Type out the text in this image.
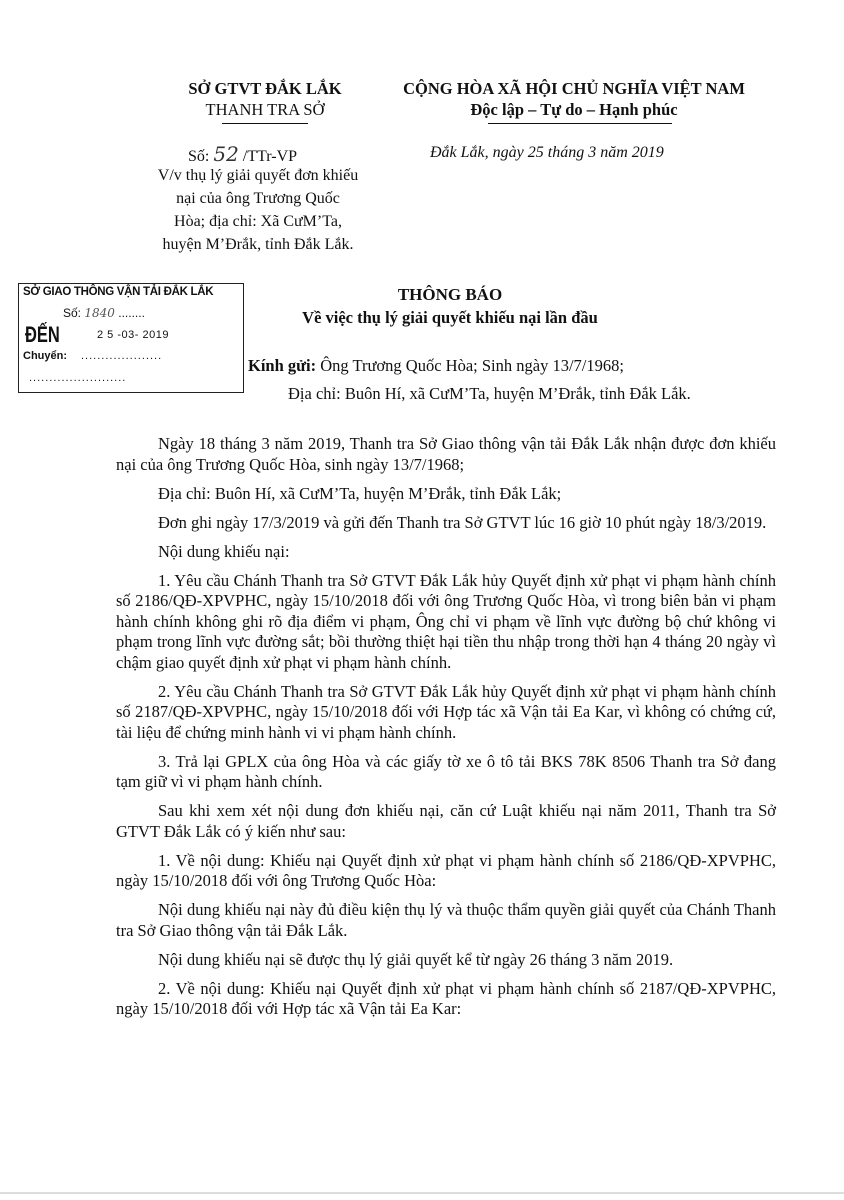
SỞ GTVT ĐẮK LẮK
THANH TRA SỞ
CỘNG HÒA XÃ HỘI CHỦ NGHĨA VIỆT NAM
Độc lập – Tự do – Hạnh phúc
Số: 52 /TTr-VP
V/v thụ lý giải quyết đơn khiếu
nại của ông Trương Quốc
Hòa; địa chỉ: Xã CưM’Ta,
huyện M’Đrắk, tỉnh Đắk Lắk.
Đắk Lắk, ngày 25 tháng 3 năm 2019
SỞ GIAO THÔNG VẬN TẢI ĐẮK LẮK
Số: 1840 ........
ĐẾN	2 5 -03- 2019
Chuyển: ....................
........................
THÔNG BÁO
Về việc thụ lý giải quyết khiếu nại lần đầu
Kính gửi: Ông Trương Quốc Hòa; Sinh ngày 13/7/1968;
Địa chỉ: Buôn Hí, xã CưM’Ta, huyện M’Đrắk, tỉnh Đắk Lắk.

Ngày 18 tháng 3 năm 2019, Thanh tra Sở Giao thông vận tải Đắk Lắk nhận được đơn khiếu nại của ông Trương Quốc Hòa, sinh ngày 13/7/1968;

Địa chỉ: Buôn Hí, xã CưM’Ta, huyện M’Đrắk, tỉnh Đắk Lắk;

Đơn ghi ngày 17/3/2019 và gửi đến Thanh tra Sở GTVT lúc 16 giờ 10 phút ngày 18/3/2019.

Nội dung khiếu nại:

1. Yêu cầu Chánh Thanh tra Sở GTVT Đắk Lắk hủy Quyết định xử phạt vi phạm hành chính số 2186/QĐ-XPVPHC, ngày 15/10/2018 đối với ông Trương Quốc Hòa, vì trong biên bản vi phạm hành chính không ghi rõ địa điểm vi phạm, Ông chỉ vi phạm về lĩnh vực đường bộ chứ không vi phạm trong lĩnh vực đường sắt; bồi thường thiệt hại tiền thu nhập trong thời hạn 4 tháng 20 ngày vì chậm giao quyết định xử phạt vi phạm hành chính.

2. Yêu cầu Chánh Thanh tra Sở GTVT Đắk Lắk hủy Quyết định xử phạt vi phạm hành chính số 2187/QĐ-XPVPHC, ngày 15/10/2018 đối với Hợp tác xã Vận tải Ea Kar, vì không có chứng cứ, tài liệu để chứng minh hành vi vi phạm hành chính.

3. Trả lại GPLX của ông Hòa và các giấy tờ xe ô tô tải BKS 78K 8506 Thanh tra Sở đang tạm giữ vì vi phạm hành chính.

Sau khi xem xét nội dung đơn khiếu nại, căn cứ Luật khiếu nại năm 2011, Thanh tra Sở GTVT Đắk Lắk có ý kiến như sau:

1. Về nội dung: Khiếu nại Quyết định xử phạt vi phạm hành chính số 2186/QĐ-XPVPHC, ngày 15/10/2018 đối với ông Trương Quốc Hòa:

Nội dung khiếu nại này đủ điều kiện thụ lý và thuộc thẩm quyền giải quyết của Chánh Thanh tra Sở Giao thông vận tải Đắk Lắk.

Nội dung khiếu nại sẽ được thụ lý giải quyết kể từ ngày 26 tháng 3 năm 2019.

2. Về nội dung: Khiếu nại Quyết định xử phạt vi phạm hành chính số 2187/QĐ-XPVPHC, ngày 15/10/2018 đối với Hợp tác xã Vận tải Ea Kar:
